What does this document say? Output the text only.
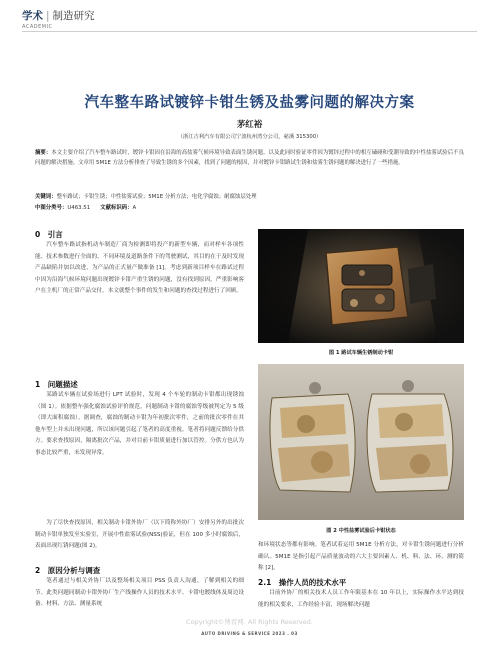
学术 | 制造研究
ACADEMIC
汽车整车路试镀锌卡钳生锈及盐雾问题的解决方案
茅红裕
（浙江吉利汽车有限公司宁波杭州湾分公司，慈溪 315300）
摘要：本文主要介绍了汽车整车路试时，镀锌卡钳因在沿海的高盐雾气候环境导致表面生锈问题。以及此同时验证零件因为镀锌过程中的相互磕碰和受潮导致的中性盐雾试验后不良问题的解决措施。文章用 5M1E 方法分析排查了导致生锈的多个因素，找到了问题的根因，并对镀锌卡钳路试生锈和盐雾生锈问题的解决进行了一些措施。
关键词：整车路试；卡钳生锈；中性盐雾试验；5M1E 分析方法；电化学腐蚀；耐腐蚀层处理
中图分类号：U463.51 文献标识码：A
0　引言
汽车整车路试指机动车制造厂商为检测即将投产的新型车辆，而对样车各项性能、技术参数进行全面的、不同环境及道路条件下的驾驶测试，其目的在于及时发现产品缺陷并加以改进，为产品的正式量产做准备 [1]。考虑到新项目样车在路试过程中因为沿海气候环境问题出现镀锌卡钳产重生锈的问题，没有找到原因，严重影响客户在主机厂的正常产品交付。本文就整个事件的发生和问题的查找过程进行了回顾。
1　问题描述
某路试车辆在试验场进行 LPT 试验时，发现 4 个车轮的制动卡钳都出现锈蚀（图 1）。依据整车强化腐蚀试验评价规范，问题制动卡钳的腐蚀等级被判定为 5 级（即大面积腐蚀）。据调查，腐蚀的制动卡钳为年初批次零件，之前的批次零件在其他车型上并未出现问题，所以该问题引起了笔者的高度重视。笔者将问题反馈给分供方。要求查找原因，隔离批次产品，并对目前卡钳质量进行加以管控。分供方也认为事态比较严重，未发现异常。
为了尽快查找原因，相关制动卡钳外协厂（以下简称外协厂）安排另外的出批次制动卡钳单独发至实验室，开展中性盐雾试验(NSS)验证，但在 100 多小时腐蚀后，表面出现红锈问题(图 2)。
2　原因分析与调查
笔者通过与相关外协厂以及整场相关项目 PSS 负责人沟通，了解到相关的细节。此类问题同制动卡钳外协厂生产线操作人员的技术水平、卡钳电镀线体及周边设备、材料、方法、测量系统
图 1 路试车辆生锈制动卡钳
图 2 中性盐雾试验后卡钳状态
和环境状态等都有影响。笔者试着运用 5M1E 分析方法，对卡钳生锈问题进行分析确认。5M1E 是指引起产品质量波动的六大主要因素人、机、料、法、环、测的简称 [2]。
2.1　操作人员的技术水平
目前外协厂的相关技术人员工作年限基本在 10 年以上，实际操作水平达到技能的相关要求，工作经验丰富，现场解决问题
Copyright©博看网. All Rights Reserved.
AUTO DRIVING & SERVICE 2023 . 03
